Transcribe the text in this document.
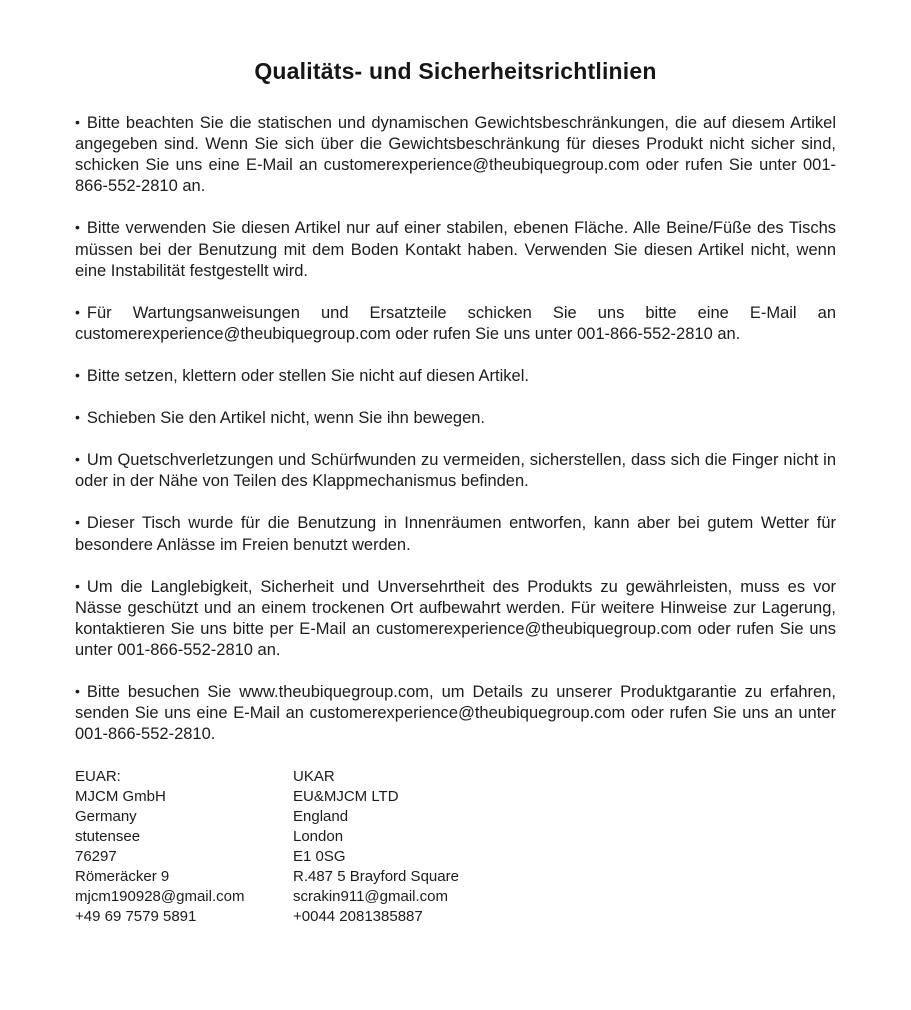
Qualitäts- und Sicherheitsrichtlinien

• Bitte beachten Sie die statischen und dynamischen Gewichtsbeschränkungen, die auf diesem Artikel angegeben sind. Wenn Sie sich über die Gewichtsbeschränkung für dieses Produkt nicht sicher sind, schicken Sie uns eine E-Mail an customerexperience@theubiquegroup.com oder rufen Sie unter 001-866-552-2810 an.

• Bitte verwenden Sie diesen Artikel nur auf einer stabilen, ebenen Fläche. Alle Beine/Füße des Tischs müssen bei der Benutzung mit dem Boden Kontakt haben. Verwenden Sie diesen Artikel nicht, wenn eine Instabilität festgestellt wird.

• Für Wartungsanweisungen und Ersatzteile schicken Sie uns bitte eine E-Mail an customerexperience@theubiquegroup.com oder rufen Sie uns unter 001-866-552-2810 an.

• Bitte setzen, klettern oder stellen Sie nicht auf diesen Artikel.

• Schieben Sie den Artikel nicht, wenn Sie ihn bewegen.

• Um Quetschverletzungen und Schürfwunden zu vermeiden, sicherstellen, dass sich die Finger nicht in oder in der Nähe von Teilen des Klappmechanismus befinden.

• Dieser Tisch wurde für die Benutzung in Innenräumen entworfen, kann aber bei gutem Wetter für besondere Anlässe im Freien benutzt werden.

• Um die Langlebigkeit, Sicherheit und Unversehrtheit des Produkts zu gewährleisten, muss es vor Nässe geschützt und an einem trockenen Ort aufbewahrt werden. Für weitere Hinweise zur Lagerung, kontaktieren Sie uns bitte per E-Mail an customerexperience@theubiquegroup.com oder rufen Sie uns unter 001-866-552-2810 an.

• Bitte besuchen Sie www.theubiquegroup.com, um Details zu unserer Produktgarantie zu erfahren, senden Sie uns eine E-Mail an customerexperience@theubiquegroup.com oder rufen Sie uns an unter 001-866-552-2810.

EUAR:
MJCM GmbH
Germany
stutensee
76297
Römeräcker 9
mjcm190928@gmail.com
+49 69 7579 5891
UKAR
EU&MJCM LTD
England
London
E1 0SG
R.487 5 Brayford Square
scrakin911@gmail.com
+0044 2081385887
